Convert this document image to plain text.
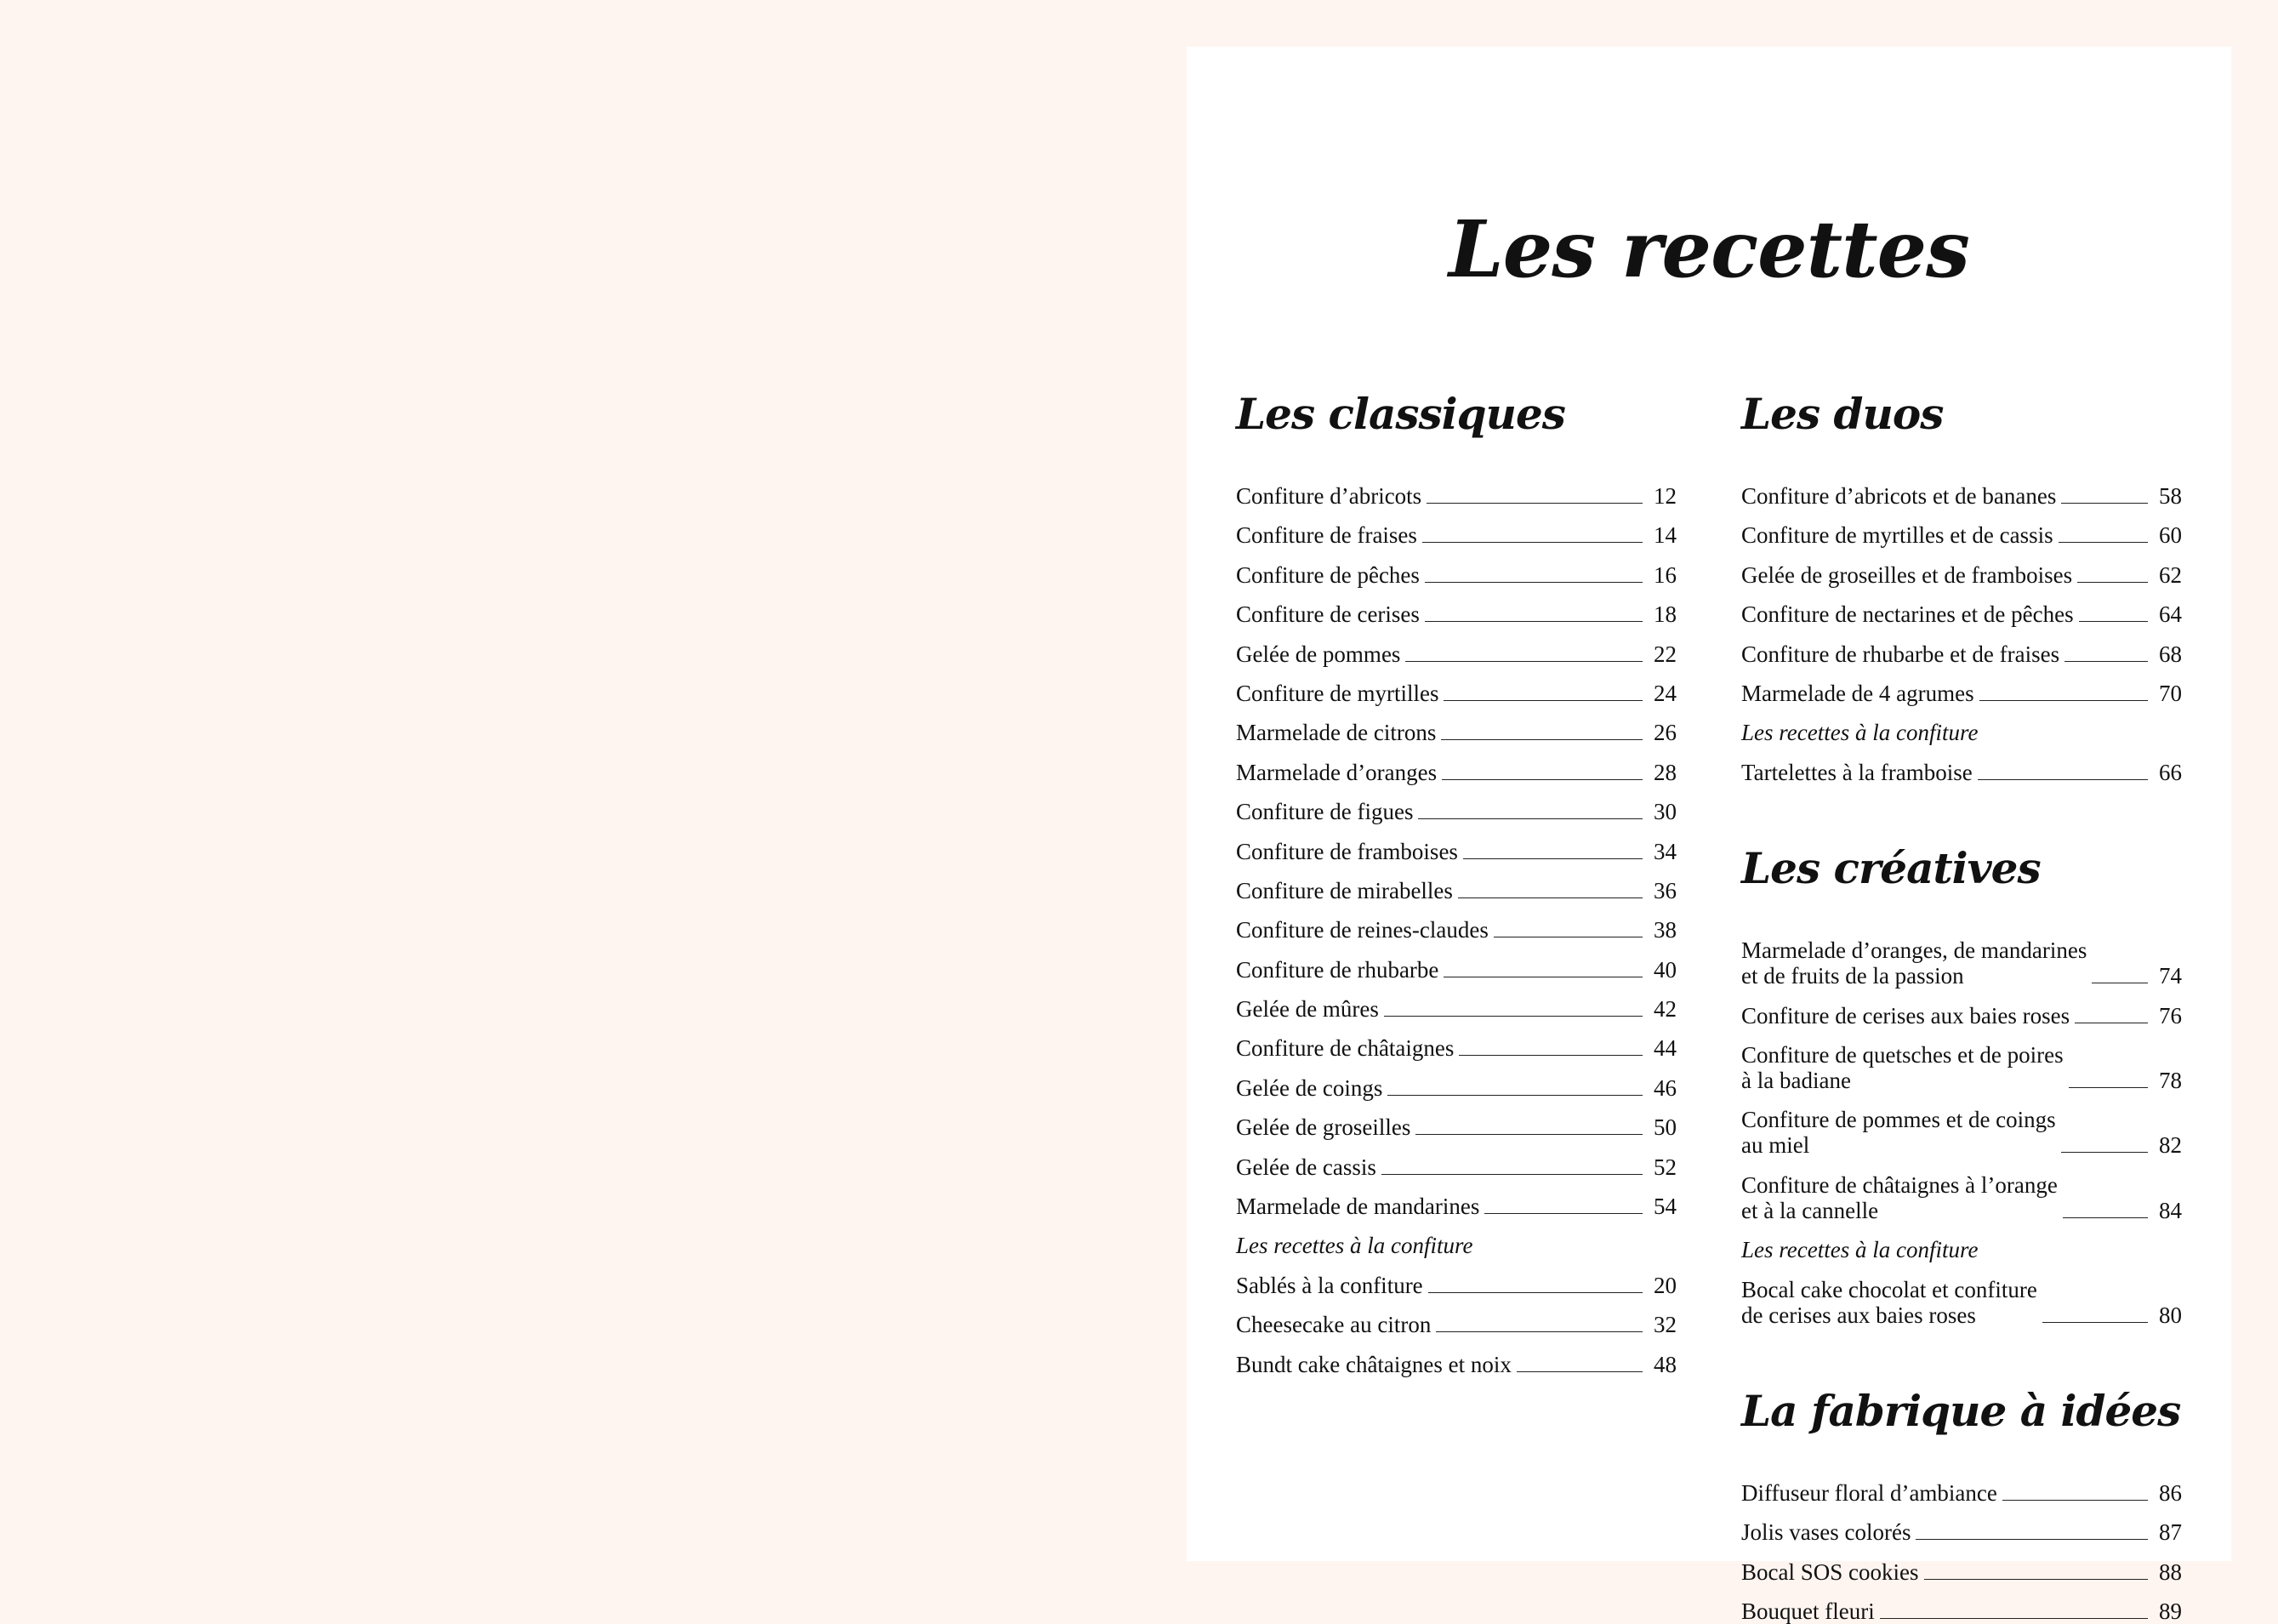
Les recettes
Les classiques
Confiture d’abricots	12
Confiture de fraises	14
Confiture de pêches	16
Confiture de cerises	18
Gelée de pommes	22
Confiture de myrtilles	24
Marmelade de citrons	26
Marmelade d’oranges	28
Confiture de figues	30
Confiture de framboises	34
Confiture de mirabelles	36
Confiture de reines-claudes	38
Confiture de rhubarbe	40
Gelée de mûres	42
Confiture de châtaignes	44
Gelée de coings	46
Gelée de groseilles	50
Gelée de cassis	52
Marmelade de mandarines	54
Les recettes à la confiture
Sablés à la confiture	20
Cheesecake au citron	32
Bundt cake châtaignes et noix	48
Les duos
Confiture d’abricots et de bananes	58
Confiture de myrtilles et de cassis	60
Gelée de groseilles et de framboises	62
Confiture de nectarines et de pêches	64
Confiture de rhubarbe et de fraises	68
Marmelade de 4 agrumes	70
Les recettes à la confiture
Tartelettes à la framboise	66
Les créatives
Marmelade d’oranges, de mandarines
et de fruits de la passion	74
Confiture de cerises aux baies roses	76
Confiture de quetsches et de poires
à la badiane	78
Confiture de pommes et de coings
au miel	82
Confiture de châtaignes à l’orange
et à la cannelle	84
Les recettes à la confiture
Bocal cake chocolat et confiture
de cerises aux baies roses	80
La fabrique à idées
Diffuseur floral d’ambiance	86
Jolis vases colorés	87
Bocal SOS cookies	88
Bouquet fleuri	89
